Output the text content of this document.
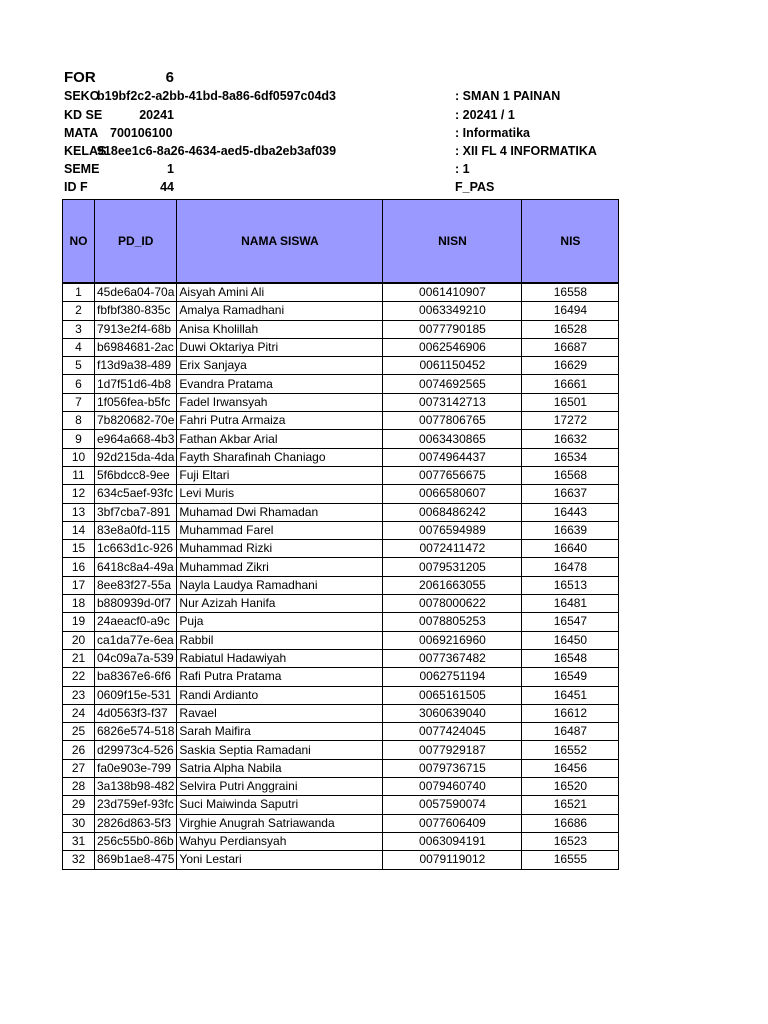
FOR	6
SEKO
b19bf2c2-a2bb-41bd-8a86-6df0597c04d3	: SMAN 1 PAINAN
KD SE	20241	: 20241 / 1
MATA 700106100	: Informatika
KELAS
918ee1c6-8a26-4634-aed5-dba2eb3af039	: XII FL 4 INFORMATIKA
SEME	1	: 1
ID F	44	F_PAS
NO	PD_ID	NAMA SISWA	NISN	NIS

1	45de6a04-70a	Aisyah Amini Ali	0061410907	16558
2	fbfbf380-835c	Amalya Ramadhani	0063349210	16494
3	7913e2f4-68b	Anisa Kholillah	0077790185	16528
4	b6984681-2ac	Duwi Oktariya Pitri	0062546906	16687
5	f13d9a38-489	Erix Sanjaya	0061150452	16629
6	1d7f51d6-4b8	Evandra Pratama	0074692565	16661
7	1f056fea-b5fc	Fadel Irwansyah	0073142713	16501
8	7b820682-70e	Fahri Putra Armaiza	0077806765	17272
9	e964a668-4b3	Fathan Akbar Arial	0063430865	16632
10	92d215da-4da	Fayth Sharafinah Chaniago	0074964437	16534
11	5f6bdcc8-9ee	Fuji Eltari	0077656675	16568
12	634c5aef-93fc	Levi Muris	0066580607	16637
13	3bf7cba7-891	Muhamad Dwi Rhamadan	0068486242	16443
14	83e8a0fd-115	Muhammad Farel	0076594989	16639
15	1c663d1c-926	Muhammad Rizki	0072411472	16640
16	6418c8a4-49a	Muhammad Zikri	0079531205	16478
17	8ee83f27-55a	Nayla Laudya Ramadhani	2061663055	16513
18	b880939d-0f7	Nur Azizah Hanifa	0078000622	16481
19	24aeacf0-a9c	Puja	0078805253	16547
20	ca1da77e-6ea	Rabbil	0069216960	16450
21	04c09a7a-539	Rabiatul Hadawiyah	0077367482	16548
22	ba8367e6-6f6	Rafi Putra Pratama	0062751194	16549
23	0609f15e-531	Randi Ardianto	0065161505	16451
24	4d0563f3-f37	Ravael	3060639040	16612
25	6826e574-518	Sarah Maifira	0077424045	16487
26	d29973c4-526	Saskia Septia Ramadani	0077929187	16552
27	fa0e903e-799	Satria Alpha Nabila	0079736715	16456
28	3a138b98-482	Selvira Putri Anggraini	0079460740	16520
29	23d759ef-93fc	Suci Maiwinda Saputri	0057590074	16521
30	2826d863-5f3	Virghie Anugrah Satriawanda	0077606409	16686
31	256c55b0-86b	Wahyu Perdiansyah	0063094191	16523
32	869b1ae8-475	Yoni Lestari	0079119012	16555
